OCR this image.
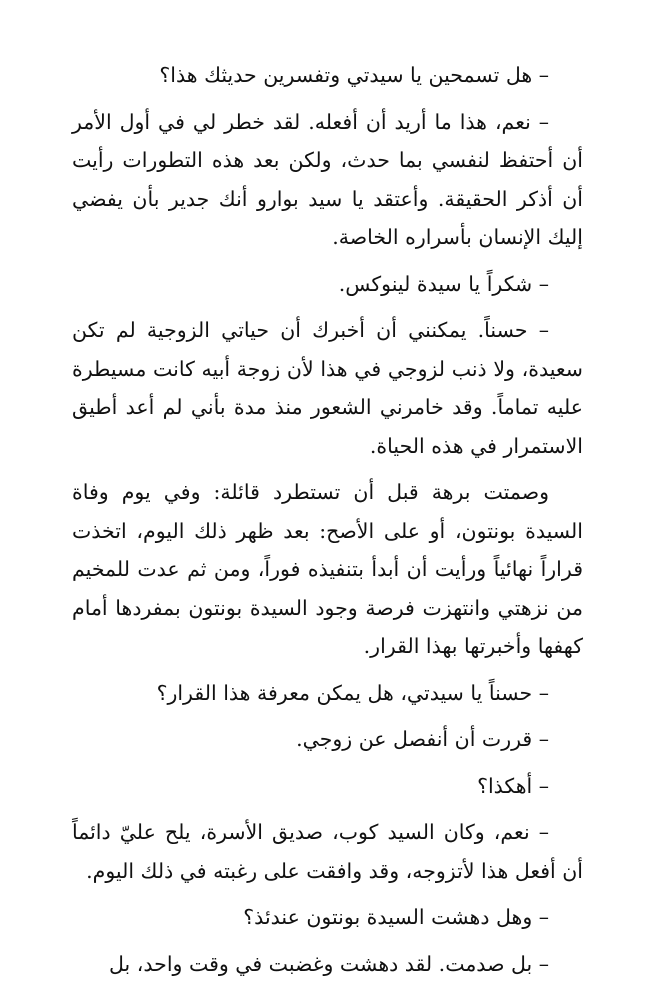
– هل تسمحين يا سيدتي وتفسرين حديثك هذا؟

– نعم، هذا ما أريد أن أفعله. لقد خطر لي في أول الأمر أن أحتفظ لنفسي بما حدث، ولكن بعد هذه التطورات رأيت أن أذكر الحقيقة. وأعتقد يا سيد بوارو أنك جدير بأن يفضي إليك الإنسان بأسراره الخاصة.

– شكراً يا سيدة لينوكس.

– حسناً. يمكنني أن أخبرك أن حياتي الزوجية لم تكن سعيدة، ولا ذنب لزوجي في هذا لأن زوجة أبيه كانت مسيطرة عليه تماماً. وقد خامرني الشعور منذ مدة بأني لم أعد أطيق الاستمرار في هذه الحياة.

وصمتت برهة قبل أن تستطرد قائلة: وفي يوم وفاة السيدة بونتون، أو على الأصح: بعد ظهر ذلك اليوم، اتخذت قراراً نهائياً ورأيت أن أبدأ بتنفيذه فوراً، ومن ثم عدت للمخيم من نزهتي وانتهزت فرصة وجود السيدة بونتون بمفردها أمام كهفها وأخبرتها بهذا القرار.

– حسناً يا سيدتي، هل يمكن معرفة هذا القرار؟

– قررت أن أنفصل عن زوجي.

– أهكذا؟

– نعم، وكان السيد كوب، صديق الأسرة، يلح عليّ دائماً أن أفعل هذا لأتزوجه، وقد وافقت على رغبته في ذلك اليوم.

– وهل دهشت السيدة بونتون عندئذ؟

– بل صدمت. لقد دهشت وغضبت في وقت واحد، بل
